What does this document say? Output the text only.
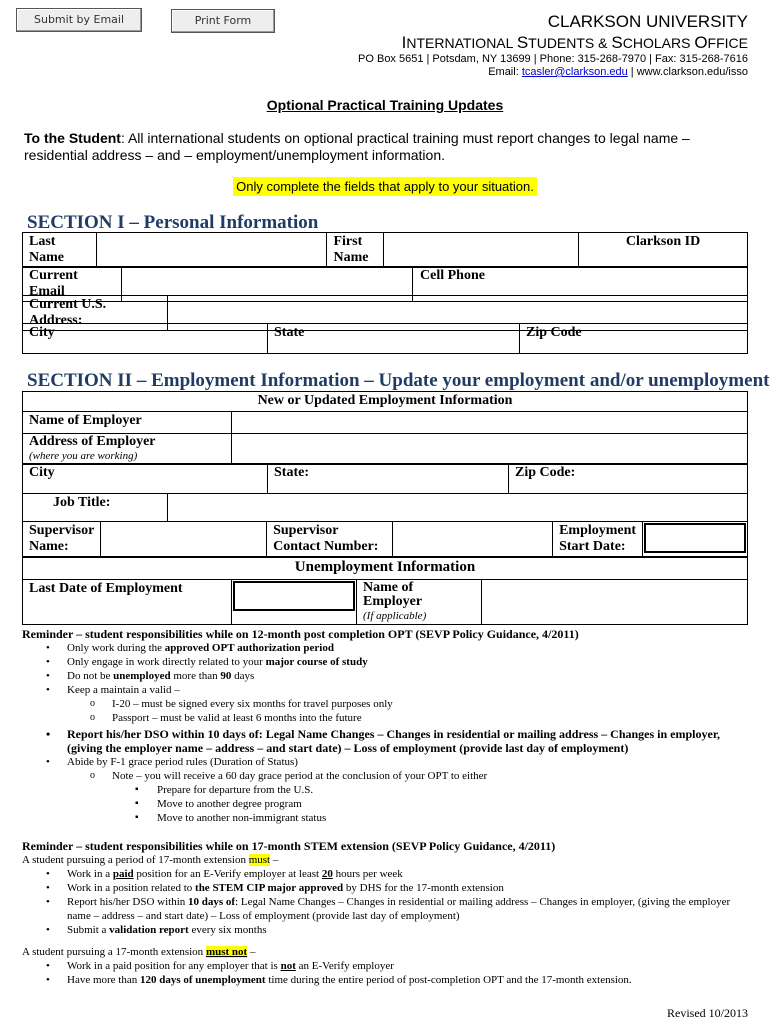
Submit by Email	Print Form	CLARKSON UNIVERSITY
INTERNATIONAL STUDENTS & SCHOLARS OFFICE
PO Box 5651 | Potsdam, NY 13699 | Phone: 315-268-7970 | Fax: 315-268-7616
Email: tcasler@clarkson.edu | www.clarkson.edu/isso
Optional Practical Training Updates
To the Student: All international students on optional practical training must report changes to legal name – residential address – and – employment/unemployment information.
Only complete the fields that apply to your situation.
SECTION I – Personal Information
Last Name		First Name		Clarkson ID
Current Email		Cell Phone	
Current U.S. Address:	
City	State		Zip Code
SECTION II – Employment Information – Update your employment and/or unemployment
New or Updated Employment Information	
Name of Employer	
Address of Employer
(where you are working)	
City	State:	Zip Code:
Job Title:	
Supervisor Name:		Supervisor Contact Number:		Employment Start Date:	
Unemployment Information
Last Date of Employment		Name of Employer
(If applicable)	
Reminder – student responsibilities while on 12-month post completion OPT (SEVP Policy Guidance, 4/2011)
• Only work during the approved OPT authorization period
• Only engage in work directly related to your major course of study
• Do not be unemployed more than 90 days
• Keep a maintain a valid –
o I-20 – must be signed every six months for travel purposes only
o Passport – must be valid at least 6 months into the future
• Report his/her DSO within 10 days of: Legal Name Changes – Changes in residential or mailing address – Changes in employer, (giving the employer name – address – and start date) – Loss of employment (provide last day of employment)
• Abide by F-1 grace period rules (Duration of Status)
o Note – you will receive a 60 day grace period at the conclusion of your OPT to either
▪ Prepare for departure from the U.S.
▪ Move to another degree program
▪ Move to another non-immigrant status
Reminder – student responsibilities while on 17-month STEM extension (SEVP Policy Guidance, 4/2011)
A student pursuing a period of 17-month extension must –
• Work in a paid position for an E-Verify employer at least 20 hours per week
• Work in a position related to the STEM CIP major approved by DHS for the 17-month extension
• Report his/her DSO within 10 days of: Legal Name Changes – Changes in residential or mailing address – Changes in employer, (giving the employer name – address – and start date) – Loss of employment (provide last day of employment)
• Submit a validation report every six months
A student pursuing a 17-month extension must not –
• Work in a paid position for any employer that is not an E-Verify employer
• Have more than 120 days of unemployment time during the entire period of post-completion OPT and the 17-month extension.
Revised 10/2013
